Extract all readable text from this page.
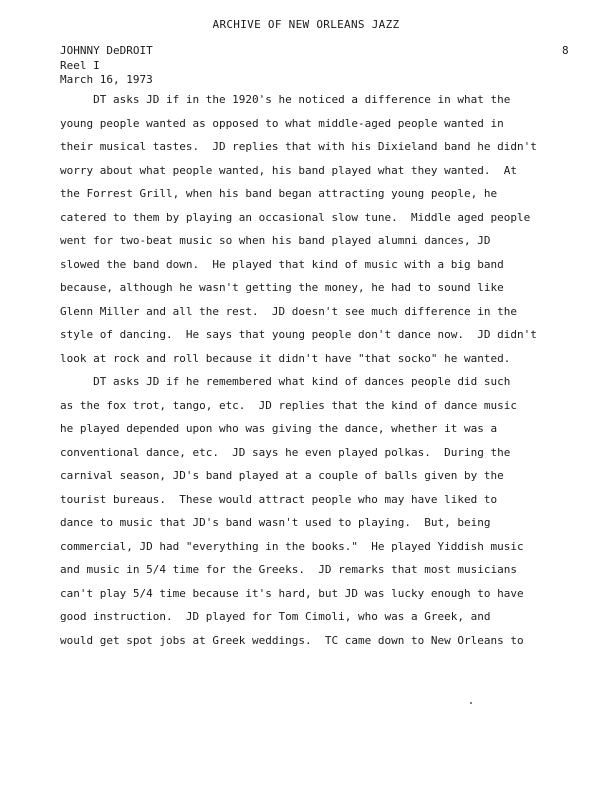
ARCHIVE OF NEW ORLEANS JAZZ
JOHNNY DeDROIT
Reel I
March 16, 1973
8
DT asks JD if in the 1920's he noticed a difference in what the
young people wanted as opposed to what middle-aged people wanted in
their musical tastes.  JD replies that with his Dixieland band he didn't
worry about what people wanted, his band played what they wanted.  At
the Forrest Grill, when his band began attracting young people, he
catered to them by playing an occasional slow tune.  Middle aged people
went for two-beat music so when his band played alumni dances, JD
slowed the band down.  He played that kind of music with a big band
because, although he wasn't getting the money, he had to sound like
Glenn Miller and all the rest.  JD doesn't see much difference in the
style of dancing.  He says that young people don't dance now.  JD didn't
look at rock and roll because it didn't have "that socko" he wanted.
DT asks JD if he remembered what kind of dances people did such
as the fox trot, tango, etc.  JD replies that the kind of dance music
he played depended upon who was giving the dance, whether it was a
conventional dance, etc.  JD says he even played polkas.  During the
carnival season, JD's band played at a couple of balls given by the
tourist bureaus.  These would attract people who may have liked to
dance to music that JD's band wasn't used to playing.  But, being
commercial, JD had "everything in the books."  He played Yiddish music
and music in 5/4 time for the Greeks.  JD remarks that most musicians
can't play 5/4 time because it's hard, but JD was lucky enough to have
good instruction.  JD played for Tom Cimoli, who was a Greek, and
would get spot jobs at Greek weddings.  TC came down to New Orleans to
